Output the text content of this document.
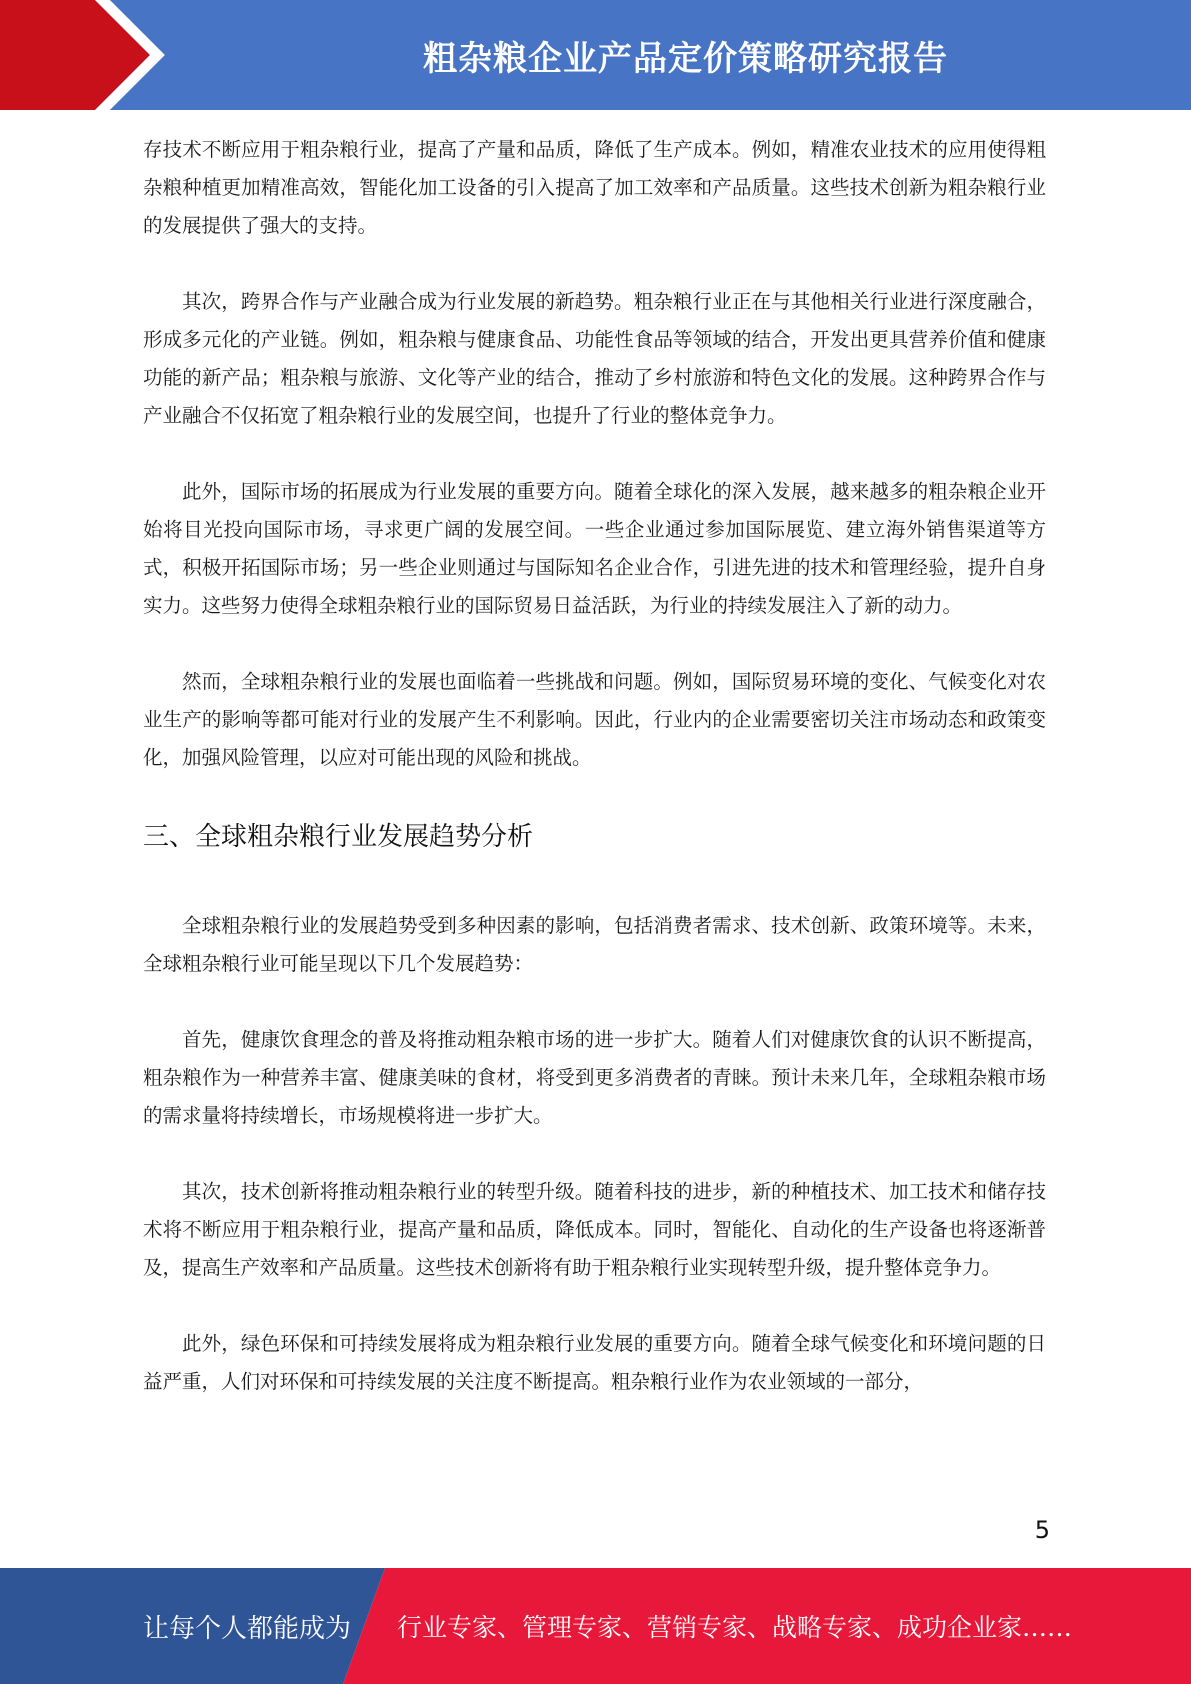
粗杂粮企业产品定价策略研究报告

存技术不断应用于粗杂粮行业，提高了产量和品质，降低了生产成本。例如，精准农业技术的应用使得粗杂粮种植更加精准高效，智能化加工设备的引入提高了加工效率和产品质量。这些技术创新为粗杂粮行业的发展提供了强大的支持。

其次，跨界合作与产业融合成为行业发展的新趋势。粗杂粮行业正在与其他相关行业进行深度融合，形成多元化的产业链。例如，粗杂粮与健康食品、功能性食品等领域的结合，开发出更具营养价值和健康功能的新产品；粗杂粮与旅游、文化等产业的结合，推动了乡村旅游和特色文化的发展。这种跨界合作与产业融合不仅拓宽了粗杂粮行业的发展空间，也提升了行业的整体竞争力。

此外，国际市场的拓展成为行业发展的重要方向。随着全球化的深入发展，越来越多的粗杂粮企业开始将目光投向国际市场，寻求更广阔的发展空间。一些企业通过参加国际展览、建立海外销售渠道等方式，积极开拓国际市场；另一些企业则通过与国际知名企业合作，引进先进的技术和管理经验，提升自身实力。这些努力使得全球粗杂粮行业的国际贸易日益活跃，为行业的持续发展注入了新的动力。

然而，全球粗杂粮行业的发展也面临着一些挑战和问题。例如，国际贸易环境的变化、气候变化对农业生产的影响等都可能对行业的发展产生不利影响。因此，行业内的企业需要密切关注市场动态和政策变化，加强风险管理，以应对可能出现的风险和挑战。

三、全球粗杂粮行业发展趋势分析

全球粗杂粮行业的发展趋势受到多种因素的影响，包括消费者需求、技术创新、政策环境等。未来，全球粗杂粮行业可能呈现以下几个发展趋势：

首先，健康饮食理念的普及将推动粗杂粮市场的进一步扩大。随着人们对健康饮食的认识不断提高，粗杂粮作为一种营养丰富、健康美味的食材，将受到更多消费者的青睐。预计未来几年，全球粗杂粮市场的需求量将持续增长，市场规模将进一步扩大。

其次，技术创新将推动粗杂粮行业的转型升级。随着科技的进步，新的种植技术、加工技术和储存技术将不断应用于粗杂粮行业，提高产量和品质，降低成本。同时，智能化、自动化的生产设备也将逐渐普及，提高生产效率和产品质量。这些技术创新将有助于粗杂粮行业实现转型升级，提升整体竞争力。

此外，绿色环保和可持续发展将成为粗杂粮行业发展的重要方向。随着全球气候变化和环境问题的日益严重，人们对环保和可持续发展的关注度不断提高。粗杂粮行业作为农业领域的一部分，

5
让每个人都能成为 行业专家、管理专家、营销专家、战略专家、成功企业家……
